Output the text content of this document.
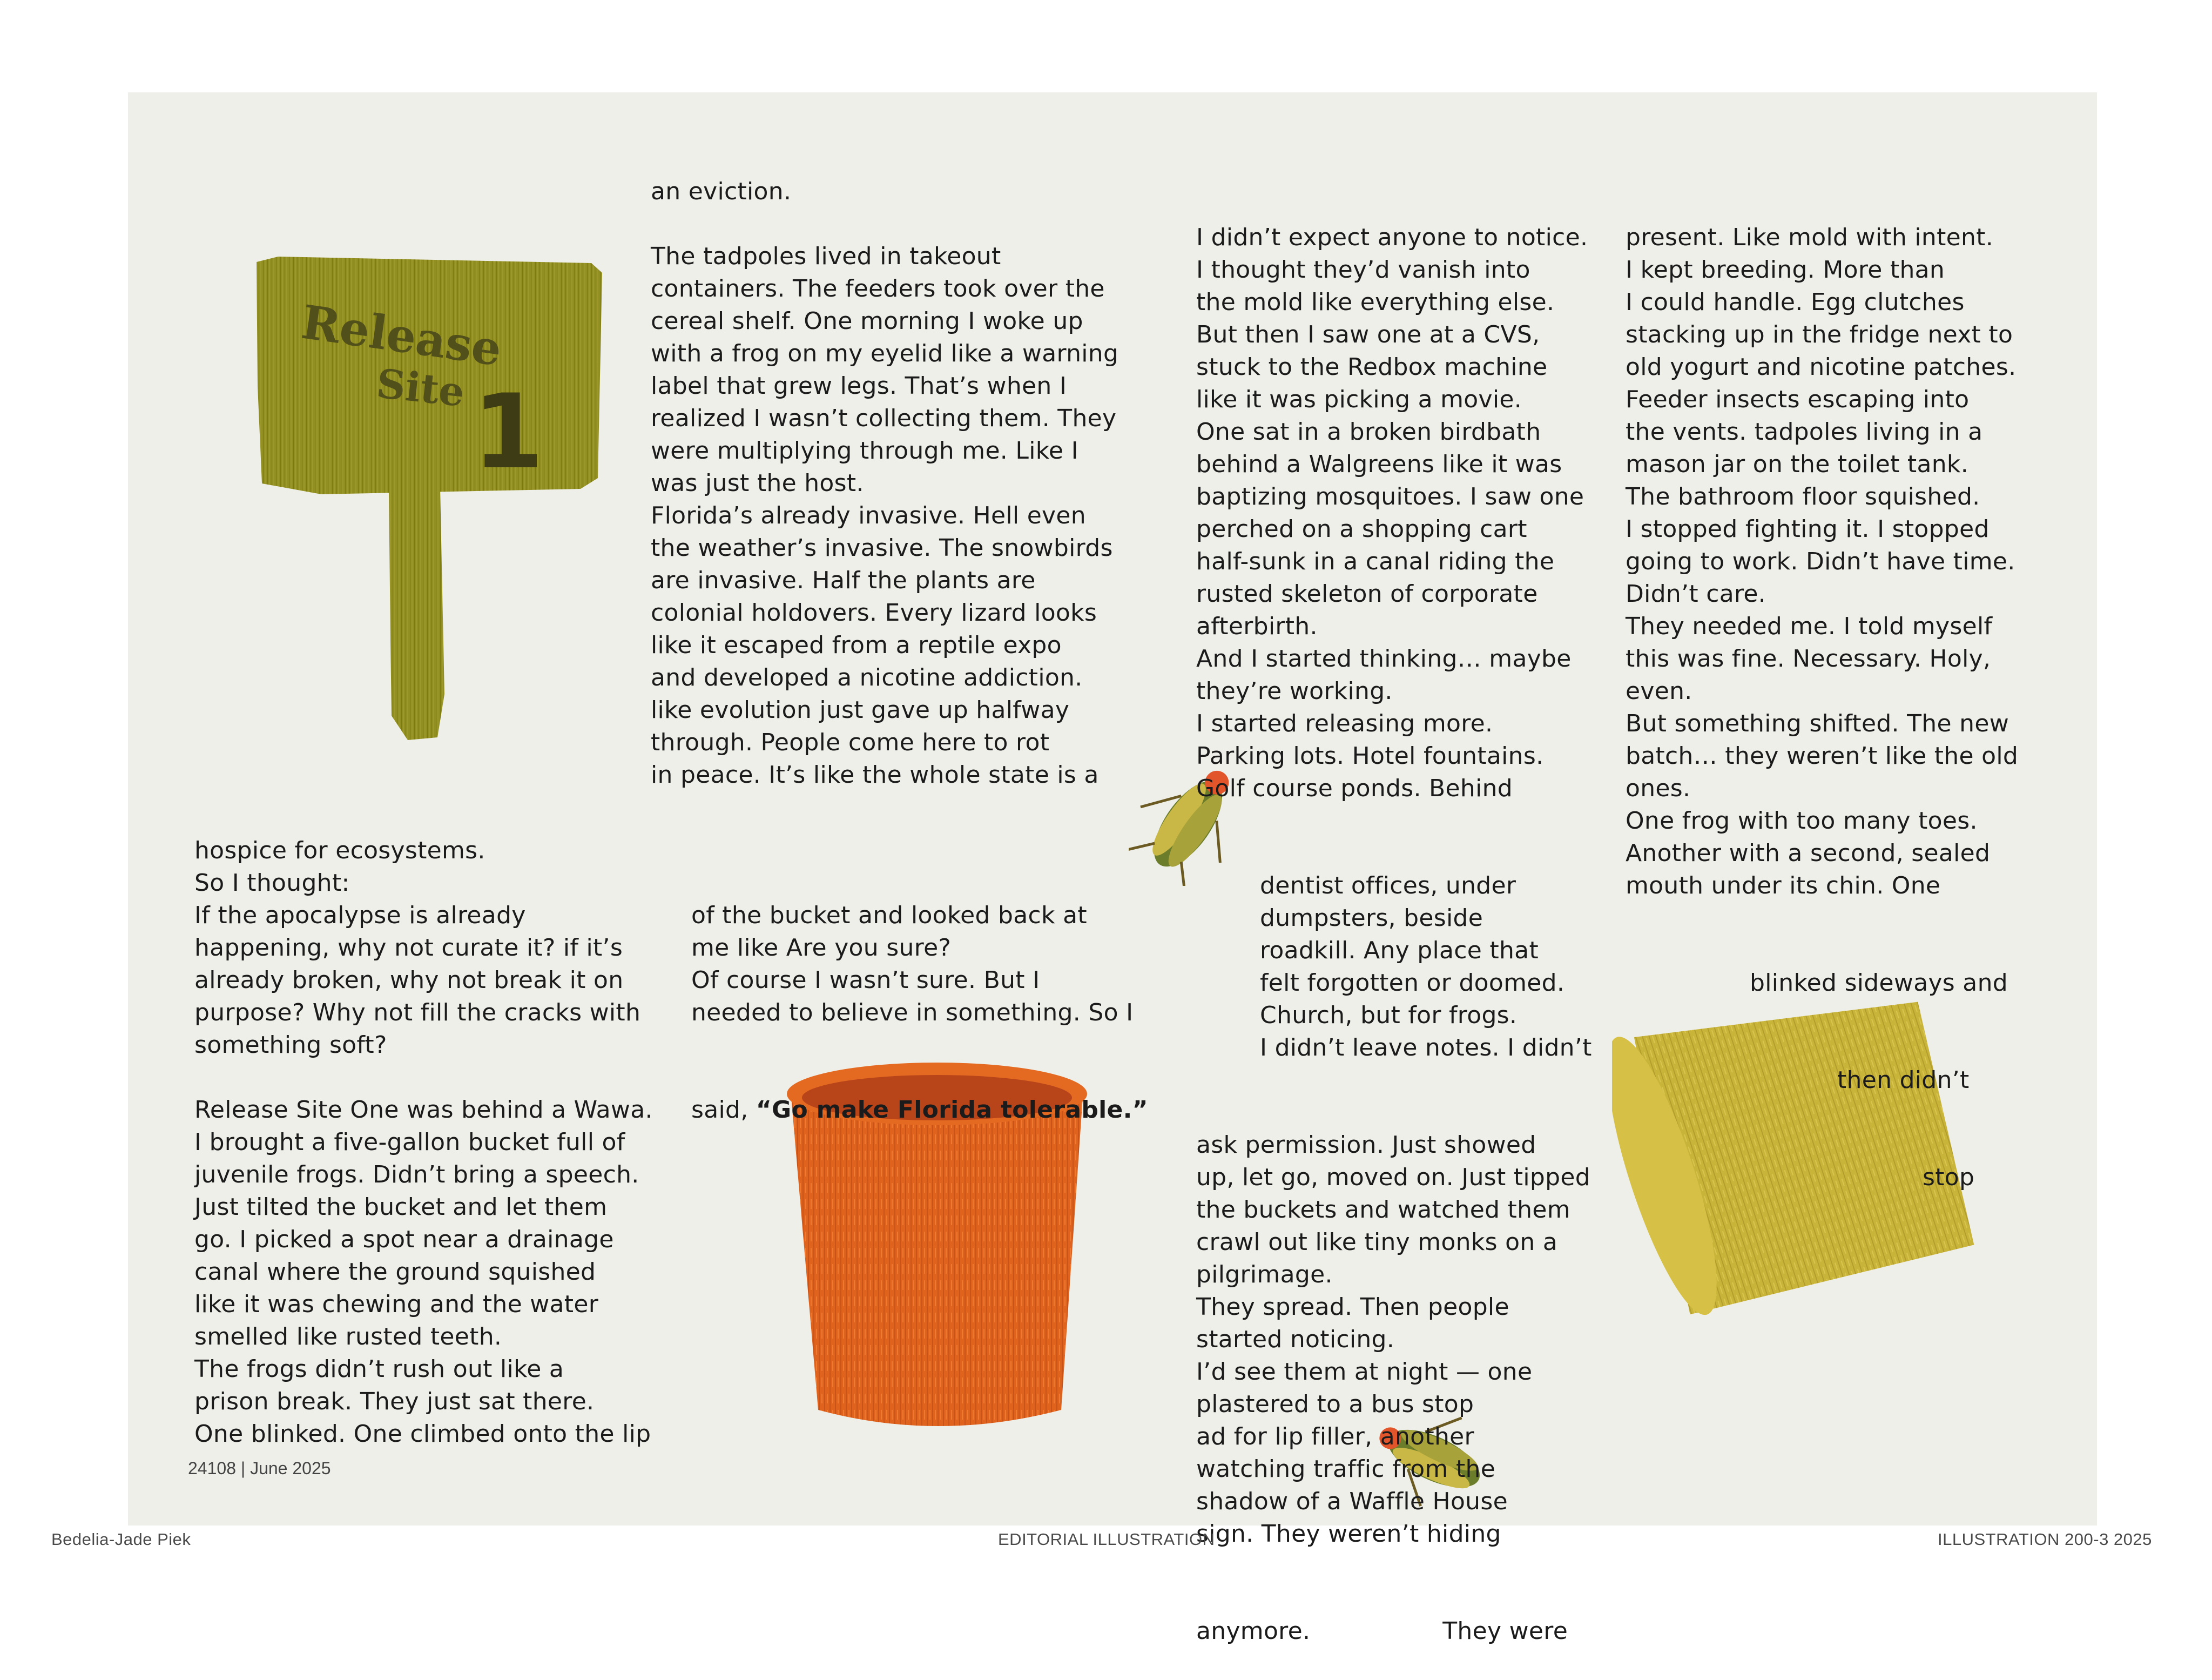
Release
Site 1
an eviction.
The tadpoles lived in takeout
containers. The feeders took over the
cereal shelf. One morning I woke up
with a frog on my eyelid like a warning
label that grew legs. That’s when I
realized I wasn’t collecting them. They
were multiplying through me. Like I
was just the host.
Florida’s already invasive. Hell even
the weather’s invasive. The snowbirds
are invasive. Half the plants are
colonial holdovers. Every lizard looks
like it escaped from a reptile expo
and developed a nicotine addiction.
like evolution just gave up halfway
through. People come here to rot
in peace. It’s like the whole state is a
hospice for ecosystems.
So I thought:
If the apocalypse is already
happening, why not curate it? if it’s
already broken, why not break it on
purpose? Why not fill the cracks with
something soft?
Release Site One was behind a Wawa.
I brought a five-gallon bucket full of
juvenile frogs. Didn’t bring a speech.
Just tilted the bucket and let them
go. I picked a spot near a drainage
canal where the ground squished
like it was chewing and the water
smelled like rusted teeth.
The frogs didn’t rush out like a
prison break. They just sat there.
One blinked. One climbed onto the lip

of the bucket and looked back at
me like Are you sure?
Of course I wasn’t sure. But I
needed to believe in something. So I

said, “Go make Florida tolerable.”

I didn’t expect anyone to notice.
I thought they’d vanish into
the mold like everything else.
But then I saw one at a CVS,
stuck to the Redbox machine
like it was picking a movie.
One sat in a broken birdbath
behind a Walgreens like it was
baptizing mosquitoes. I saw one
perched on a shopping cart
half-sunk in a canal riding the
rusted skeleton of corporate
afterbirth.
And I started thinking… maybe
they’re working.
I started releasing more.
Parking lots. Hotel fountains.
Golf course ponds. Behind

dentist offices, under
dumpsters, beside
roadkill. Any place that
felt forgotten or doomed.
Church, but for frogs.
I didn’t leave notes. I didn’t

ask permission. Just showed
up, let go, moved on. Just tipped
the buckets and watched them
crawl out like tiny monks on a
pilgrimage.
They spread. Then people
started noticing.
I’d see them at night — one
plastered to a bus stop
ad for lip filler, another
watching traffic from the
shadow of a Waffle House
sign. They weren’t hiding

anymore.	They were

present. Like mold with intent.
I kept breeding. More than
I could handle. Egg clutches
stacking up in the fridge next to
old yogurt and nicotine patches.
Feeder insects escaping into
the vents. tadpoles living in a
mason jar on the toilet tank.
The bathroom floor squished.
I stopped fighting it. I stopped
going to work. Didn’t have time.
Didn’t care.
They needed me. I told myself
this was fine. Necessary. Holy,
even.
But something shifted. The new
batch… they weren’t like the old
ones.
One frog with too many toes.
Another with a second, sealed
mouth under its chin. One

blinked sideways and

then didn’t

stop

24108 | June 2025
Bedelia-Jade Piek	EDITORIAL ILLUSTRATION	ILLUSTRATION 200-3 2025
